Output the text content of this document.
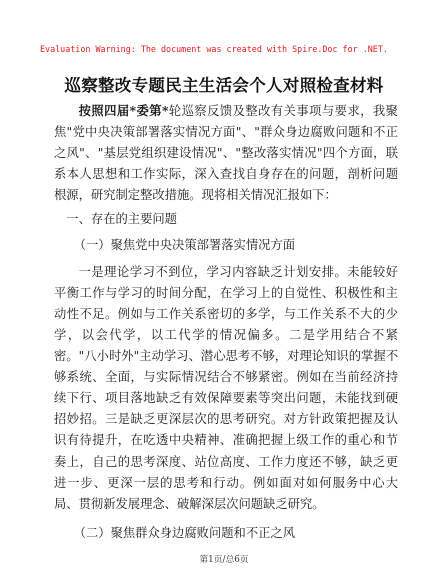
Evaluation Warning: The document was created with Spire.Doc for .NET.
巡察整改专题民主生活会个人对照检查材料

按照四届*委第*轮巡察反馈及整改有关事项与要求，我聚焦"党中央决策部署落实情况方面"、"群众身边腐败问题和不正之风"、"基层党组织建设情况"、"整改落实情况"四个方面，联系本人思想和工作实际，深入查找自身存在的问题，剖析问题根源，研究制定整改措施。现将相关情况汇报如下：

一、存在的主要问题

（一）聚焦党中央决策部署落实情况方面

一是理论学习不到位，学习内容缺乏计划安排。未能较好平衡工作与学习的时间分配，在学习上的自觉性、积极性和主动性不足。例如与工作关系密切的多学，与工作关系不大的少学，以会代学，以工代学的情况偏多。二是学用结合不紧密。"八小时外"主动学习、潜心思考不够，对理论知识的掌握不够系统、全面，与实际情况结合不够紧密。例如在当前经济持续下行、项目落地缺乏有效保障要素等突出问题，未能找到硬招妙招。三是缺乏更深层次的思考研究。对方针政策把握及认识有待提升，在吃透中央精神、准确把握上级工作的重心和节奏上，自己的思考深度、站位高度、工作力度还不够，缺乏更进一步、更深一层的思考和行动。例如面对如何服务中心大局、贯彻新发展理念、破解深层次问题缺乏研究。

（二）聚焦群众身边腐败问题和不正之风

第1页/总6页
